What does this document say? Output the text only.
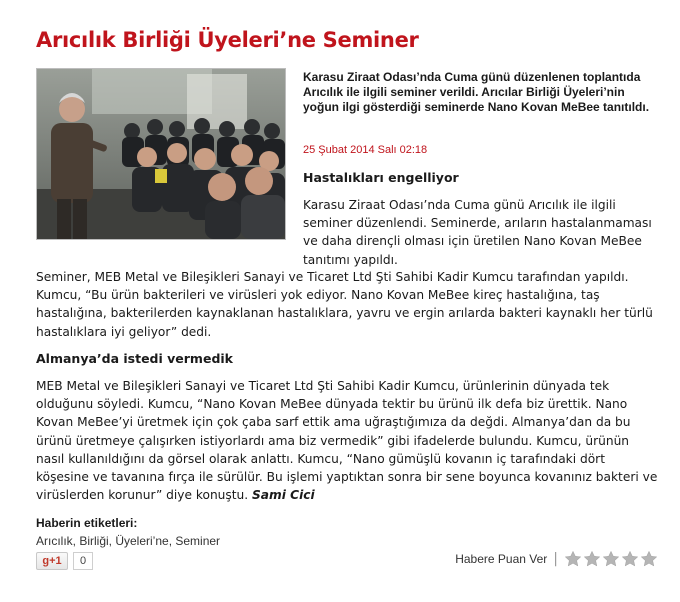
Arıcılık Birliği Üyeleri’ne Seminer
Karasu Ziraat Odası’nda Cuma günü düzenlenen toplantıda Arıcılık ile ilgili seminer verildi. Arıcılar Birliği Üyeleri’nin yoğun ilgi gösterdiği seminerde Nano Kovan MeBee tanıtıldı.
25 Şubat 2014 Salı 02:18
Hastalıkları engelliyor
Karasu Ziraat Odası’nda Cuma günü Arıcılık ile ilgili seminer düzenlendi. Seminerde, arıların hastalanmaması ve daha dirençli olması için üretilen Nano Kovan MeBee tanıtımı yapıldı.
Seminer, MEB Metal ve Bileşikleri Sanayi ve Ticaret Ltd Şti Sahibi Kadir Kumcu tarafından yapıldı. Kumcu, “Bu ürün bakterileri ve virüsleri yok ediyor. Nano Kovan MeBee kireç hastalığına, taş hastalığına, bakterilerden kaynaklanan hastalıklara, yavru ve ergin arılarda bakteri kaynaklı her türlü hastalıklara iyi geliyor” dedi.
Almanya’da istedi vermedik
MEB Metal ve Bileşikleri Sanayi ve Ticaret Ltd Şti Sahibi Kadir Kumcu, ürünlerinin dünyada tek olduğunu söyledi. Kumcu, “Nano Kovan MeBee dünyada tektir bu ürünü ilk defa biz ürettik. Nano Kovan MeBee’yi üretmek için çok çaba sarf ettik ama uğraştığımıza da değdi. Almanya’dan da bu ürünü üretmeye çalışırken istiyorlardı ama biz vermedik” gibi ifadelerde bulundu. Kumcu, ürünün nasıl kullanıldığını da görsel olarak anlattı. Kumcu, “Nano gümüşlü kovanın iç tarafındaki dört köşesine ve tavanına fırça ile sürülür. Bu işlemi yaptıktan sonra bir sene boyunca kovanınız bakteri ve virüslerden korunur” diye konuştu. Sami Cici
Haberin etiketleri:
Arıcılık, Birliği, Üyeleri’ne, Seminer
g +1	0	Habere Puan Ver |
